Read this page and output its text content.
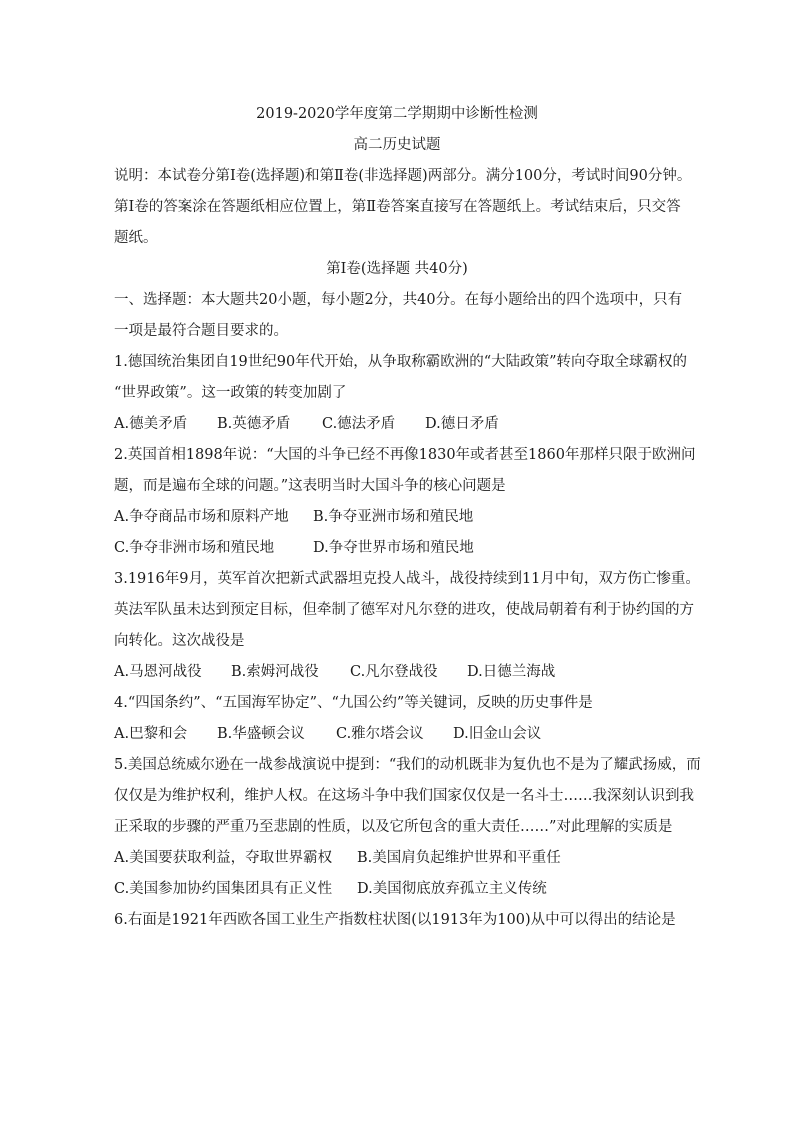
2019-2020学年度第二学期期中诊断性检测
高二历史试题
说明：本试卷分第Ⅰ卷(选择题)和第Ⅱ卷(非选择题)两部分。满分100分，考试时间90分钟。
第Ⅰ卷的答案涂在答题纸相应位置上，第Ⅱ卷答案直接写在答题纸上。考试结束后，只交答
题纸。
第Ⅰ卷(选择题 共40分)
一、选择题：本大题共20小题，每小题2分，共40分。在每小题给出的四个选项中，只有
一项是最符合题目要求的。
1.德国统治集团自19世纪90年代开始，从争取称霸欧洲的“大陆政策”转向夺取全球霸权的
“世界政策”。这一政策的转变加剧了
A.德美矛盾 B.英德矛盾 C.德法矛盾 D.德日矛盾
2.英国首相1898年说：“大国的斗争已经不再像1830年或者甚至1860年那样只限于欧洲问
题，而是遍布全球的问题。”这表明当时大国斗争的核心问题是
A.争夺商品市场和原料产地 B.争夺亚洲市场和殖民地
C.争夺非洲市场和殖民地	D.争夺世界市场和殖民地
3.1916年9月，英军首次把新式武器坦克投人战斗，战役持续到11月中旬，双方伤亡惨重。
英法军队虽未达到预定目标，但牵制了德军对凡尔登的进攻，使战局朝着有利于协约国的方
向转化。这次战役是
A.马恩河战役 B.索姆河战役 C.凡尔登战役 D.日德兰海战
4.“四国条约”、“五国海军协定”、“九国公约”等关键词，反映的历史事件是
A.巴黎和会 B.华盛顿会议 C.雅尔塔会议 D.旧金山会议
5.美国总统威尔逊在一战参战演说中提到：“我们的动机既非为复仇也不是为了耀武扬威，而
仅仅是为维护权利，维护人权。在这场斗争中我们国家仅仅是一名斗士……我深刻认识到我
正采取的步骤的严重乃至悲剧的性质，以及它所包含的重大责任……”对此理解的实质是
A.美国要获取利益，夺取世界霸权 B.美国肩负起维护世界和平重任
C.美国参加协约国集团具有正义性 D.美国彻底放弃孤立主义传统
6.右面是1921年西欧各国工业生产指数柱状图(以1913年为100)从中可以得出的结论是
